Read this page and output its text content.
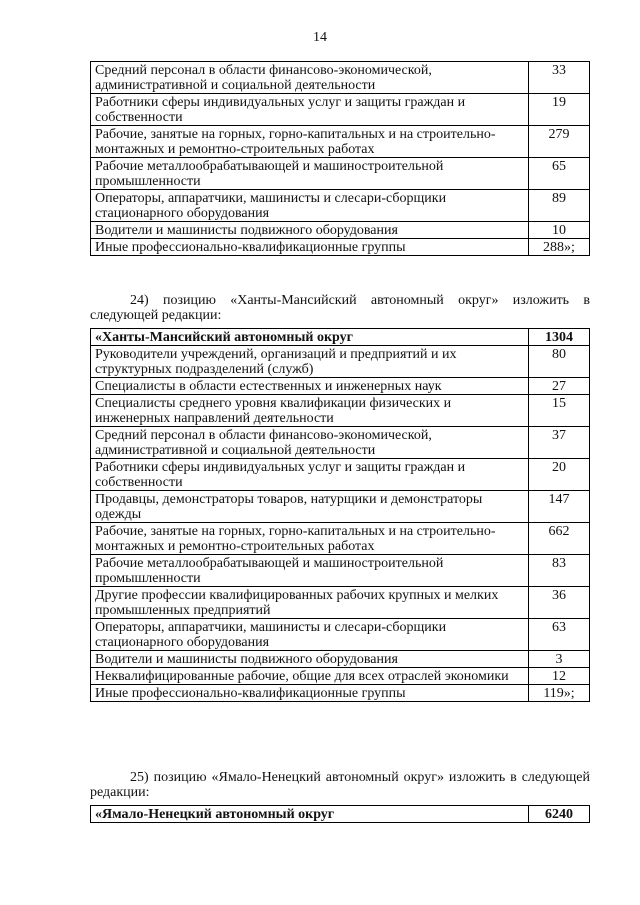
14
Средний персонал в области финансово-экономической, административной и социальной деятельности	33
Работники сферы индивидуальных услуг и защиты граждан и собственности	19
Рабочие, занятые на горных, горно-капитальных и на строительно-монтажных и ремонтно-строительных работах	279
Рабочие металлообрабатывающей и машиностроительной промышленности	65
Операторы, аппаратчики, машинисты и слесари-сборщики стационарного оборудования	89
Водители и машинисты подвижного оборудования	10
Иные профессионально-квалификационные группы	288»;
24) позицию «Ханты-Мансийский автономный округ» изложить в следующей редакции:
«Ханты-Мансийский автономный округ	1304
Руководители учреждений, организаций и предприятий и их структурных подразделений (служб)	80
Специалисты в области естественных и инженерных наук	27
Специалисты среднего уровня квалификации физических и инженерных направлений деятельности	15
Средний персонал в области финансово-экономической, административной и социальной деятельности	37
Работники сферы индивидуальных услуг и защиты граждан и собственности	20
Продавцы, демонстраторы товаров, натурщики и демонстраторы одежды	147
Рабочие, занятые на горных, горно-капитальных и на строительно-монтажных и ремонтно-строительных работах	662
Рабочие металлообрабатывающей и машиностроительной промышленности	83
Другие профессии квалифицированных рабочих крупных и мелких промышленных предприятий	36
Операторы, аппаратчики, машинисты и слесари-сборщики стационарного оборудования	63
Водители и машинисты подвижного оборудования	3
Неквалифицированные рабочие, общие для всех отраслей экономики	12
Иные профессионально-квалификационные группы	119»;
25) позицию «Ямало-Ненецкий автономный округ» изложить в следующей редакции:
«Ямало-Ненецкий автономный округ	6240
